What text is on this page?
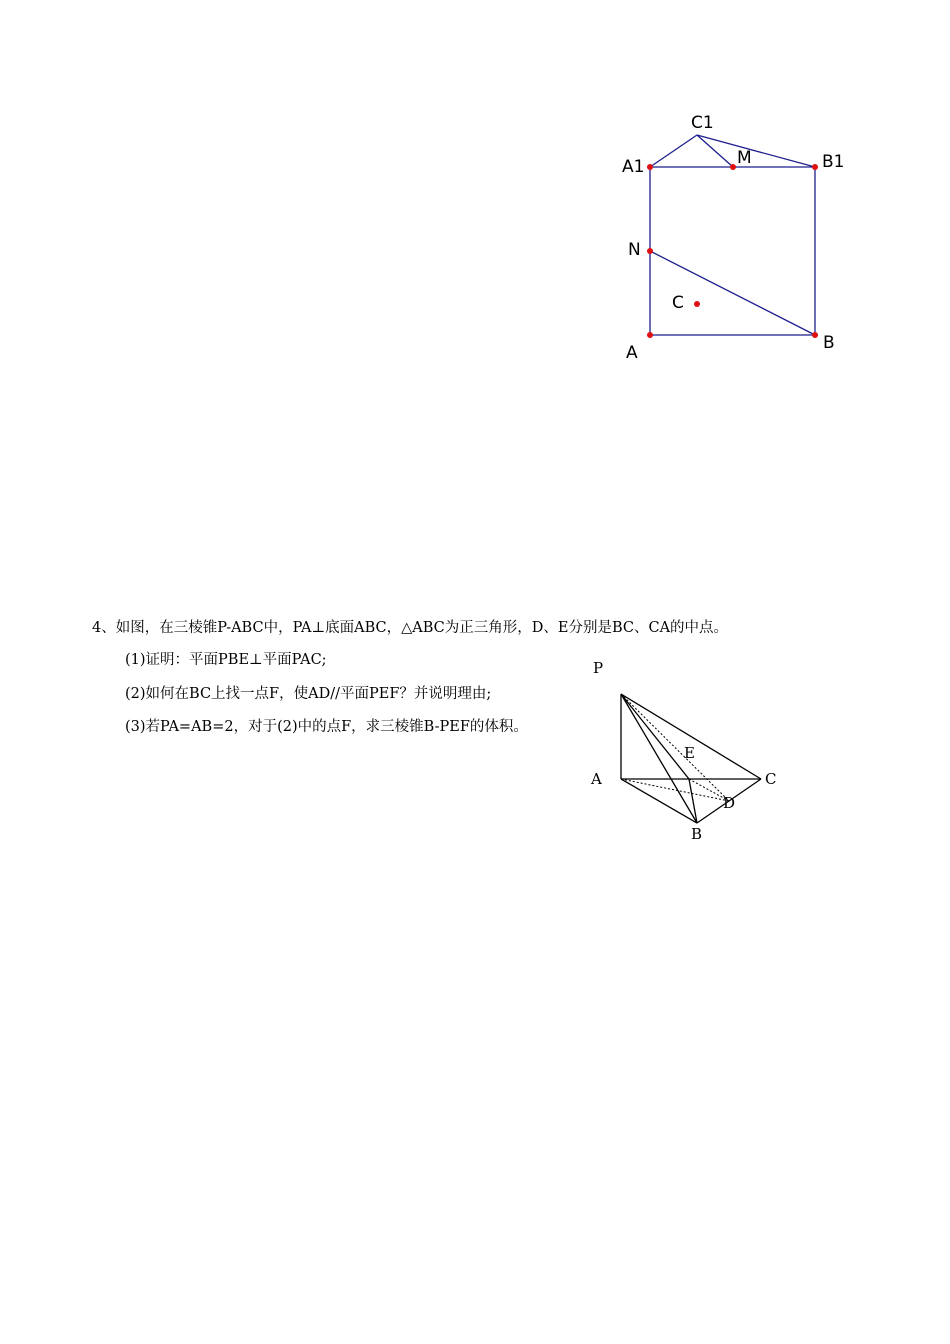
C1
M
A1	B1
N
C
A	B
4、如图，在三棱锥P-ABC中，PA⊥底面ABC，△ABC为正三角形，D、E分别是BC、CA的中点。
(1)证明：平面PBE⊥平面PAC;
(2)如何在BC上找一点F，使AD//平面PEF？并说明理由;
(3)若PA=AB=2，对于(2)中的点F，求三棱锥B-PEF的体积。
P
E
A	C
D
B
